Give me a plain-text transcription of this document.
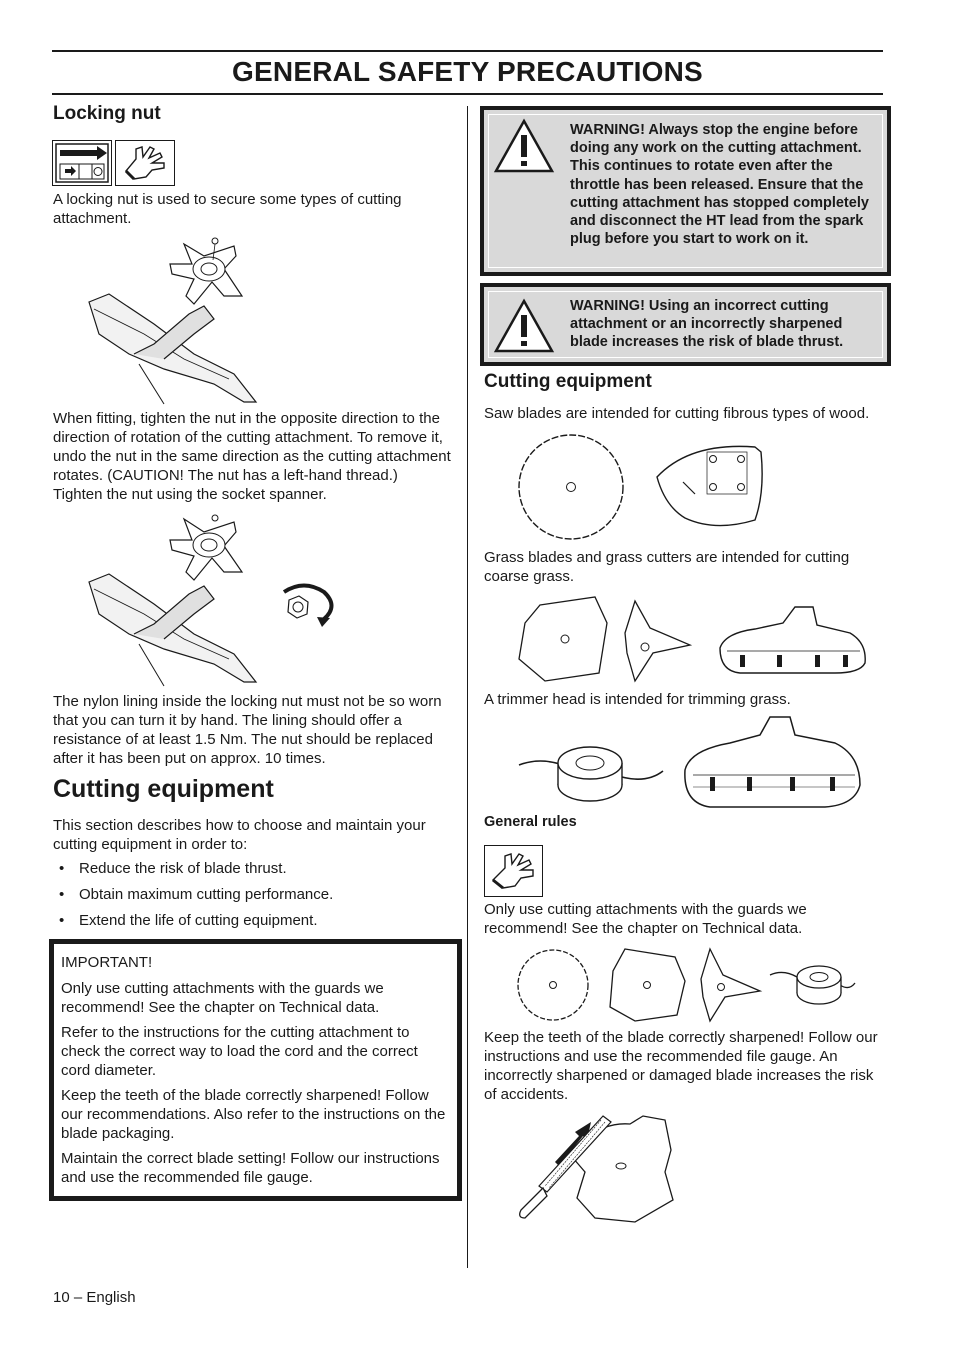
GENERAL SAFETY PRECAUTIONS
Locking nut

A locking nut is used to secure some types of cutting attachment.

When fitting, tighten the nut in the opposite direction to the direction of rotation of the cutting attachment. To remove it, undo the nut in the same direction as the cutting attachment rotates. (CAUTION! The nut has a left-hand thread.) Tighten the nut using the socket spanner.

The nylon lining inside the locking nut must not be so worn that you can turn it by hand. The lining should offer a resistance of at least 1.5 Nm. The nut should be replaced after it has been put on approx. 10 times.

Cutting equipment

This section describes how to choose and maintain your cutting equipment in order to:

• Reduce the risk of blade thrust.
• Obtain maximum cutting performance.
• Extend the life of cutting equipment.

IMPORTANT!

Only use cutting attachments with the guards we recommend! See the chapter on Technical data.

Refer to the instructions for the cutting attachment to check the correct way to load the cord and the correct cord diameter.

Keep the teeth of the blade correctly sharpened! Follow our recommendations. Also refer to the instructions on the blade packaging.

Maintain the correct blade setting! Follow our instructions and use the recommended file gauge.

WARNING! Always stop the engine before doing any work on the cutting attachment. This continues to rotate even after the throttle has been released. Ensure that the cutting attachment has stopped completely and disconnect the HT lead from the spark plug before you start to work on it.
WARNING! Using an incorrect cutting attachment or an incorrectly sharpened blade increases the risk of blade thrust.
Cutting equipment

Saw blades are intended for cutting fibrous types of wood.

Grass blades and grass cutters are intended for cutting coarse grass.

A trimmer head is intended for trimming grass.

General rules

Only use cutting attachments with the guards we recommend! See the chapter on Technical data.

Keep the teeth of the blade correctly sharpened! Follow our instructions and use the recommended file gauge. An incorrectly sharpened or damaged blade increases the risk of accidents.

10 – English
